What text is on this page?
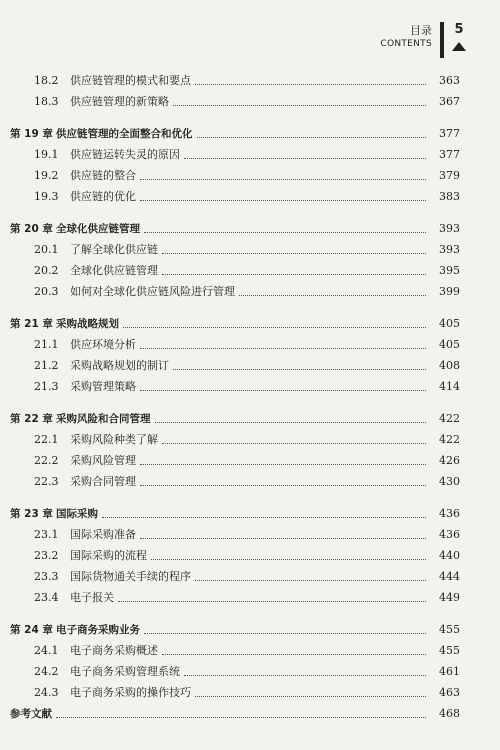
目录
CONTENTS
5
18.2	供应链管理的模式和要点	363
18.3	供应链管理的新策略	367
第 19 章 供应链管理的全面整合和优化	377
19.1	供应链运转失灵的原因	377
19.2	供应链的整合	379
19.3	供应链的优化	383
第 20 章 全球化供应链管理	393
20.1	了解全球化供应链	393
20.2	全球化供应链管理	395
20.3	如何对全球化供应链风险进行管理	399
第 21 章 采购战略规划	405
21.1	供应环境分析	405
21.2	采购战略规划的制订	408
21.3	采购管理策略	414
第 22 章 采购风险和合同管理	422
22.1	采购风险种类了解	422
22.2	采购风险管理	426
22.3	采购合同管理	430
第 23 章 国际采购	436
23.1	国际采购准备	436
23.2	国际采购的流程	440
23.3	国际货物通关手续的程序	444
23.4	电子报关	449
第 24 章 电子商务采购业务	455
24.1	电子商务采购概述	455
24.2	电子商务采购管理系统	461
24.3	电子商务采购的操作技巧	463
参考文献	468
